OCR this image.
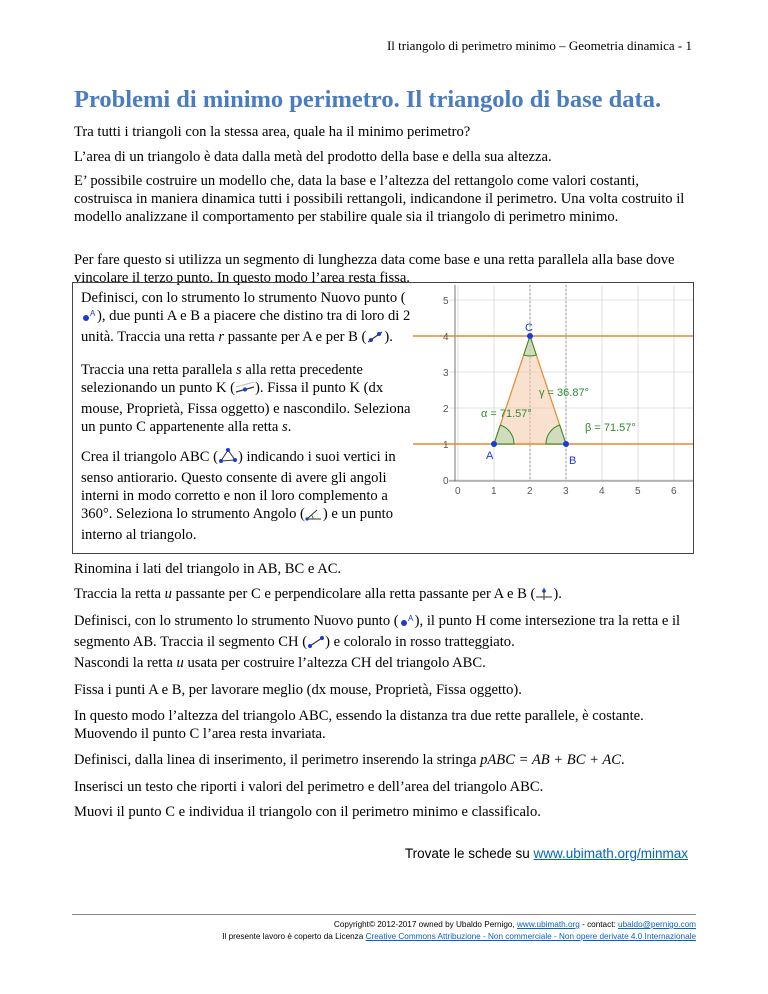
Il triangolo di perimetro minimo – Geometria dinamica - 1
Problemi di minimo perimetro. Il triangolo di base data.

Tra tutti i triangoli con la stessa area, quale ha il minimo perimetro?

L’area di un triangolo è data dalla metà del prodotto della base e della sua altezza.

E’ possibile costruire un modello che, data la base e l’altezza del rettangolo come valori costanti, costruisca in maniera dinamica tutti i possibili rettangoli, indicandone il perimetro. Una volta costruito il modello analizzane il comportamento per stabilire quale sia il triangolo di perimetro minimo.

Per fare questo si utilizza un segmento di lunghezza data come base e una retta parallela alla base dove vincolare il terzo punto. In questo modo l’area resta fissa.

Definisci, con lo strumento lo strumento Nuovo punto (
A ), due punti A e B a piacere che distino tra di loro di 2 unità. Traccia una retta r passante per A e per B ( ).

Traccia una retta parallela s alla retta precedente selezionando un punto K ( ). Fissa il punto K (dx mouse, Proprietà, Fissa oggetto) e nascondilo. Seleziona un punto C appartenente alla retta s.

Crea il triangolo ABC ( ) indicando i suoi vertici in senso antiorario. Questo consente di avere gli angoli interni in modo corretto e non il loro complemento a 360°. Seleziona lo strumento Angolo ( ) e un punto interno al triangolo.

5
4
3
2
1
0
0	1	2	3	4	5	6
A	B
C
α = 71.57°
β = 71.57°
γ = 36.87°

Rinomina i lati del triangolo in AB, BC e AC.

Traccia la retta u passante per C e perpendicolare alla retta passante per A e B ( ).

Definisci, con lo strumento lo strumento Nuovo punto ( A ), il punto H come intersezione tra la retta e il segmento AB. Traccia il segmento CH ( ) e coloralo in rosso tratteggiato.

Nascondi la retta u usata per costruire l’altezza CH del triangolo ABC.

Fissa i punti A e B, per lavorare meglio (dx mouse, Proprietà, Fissa oggetto).

In questo modo l’altezza del triangolo ABC, essendo la distanza tra due rette parallele, è costante. Muovendo il punto C l’area resta invariata.

Definisci, dalla linea di inserimento, il perimetro inserendo la stringa pABC = AB + BC + AC.

Inserisci un testo che riporti i valori del perimetro e dell’area del triangolo ABC.

Muovi il punto C e individua il triangolo con il perimetro minimo e classificalo.

Trovate le schede su www.ubimath.org/minmax
Copyright© 2012-2017 owned by Ubaldo Pernigo, www.ubimath.org - contact: ubaldo@pernigo.com
Il presente lavoro è coperto da Licenza Creative Commons Attribuzione - Non commerciale - Non opere derivate 4.0 Internazionale
